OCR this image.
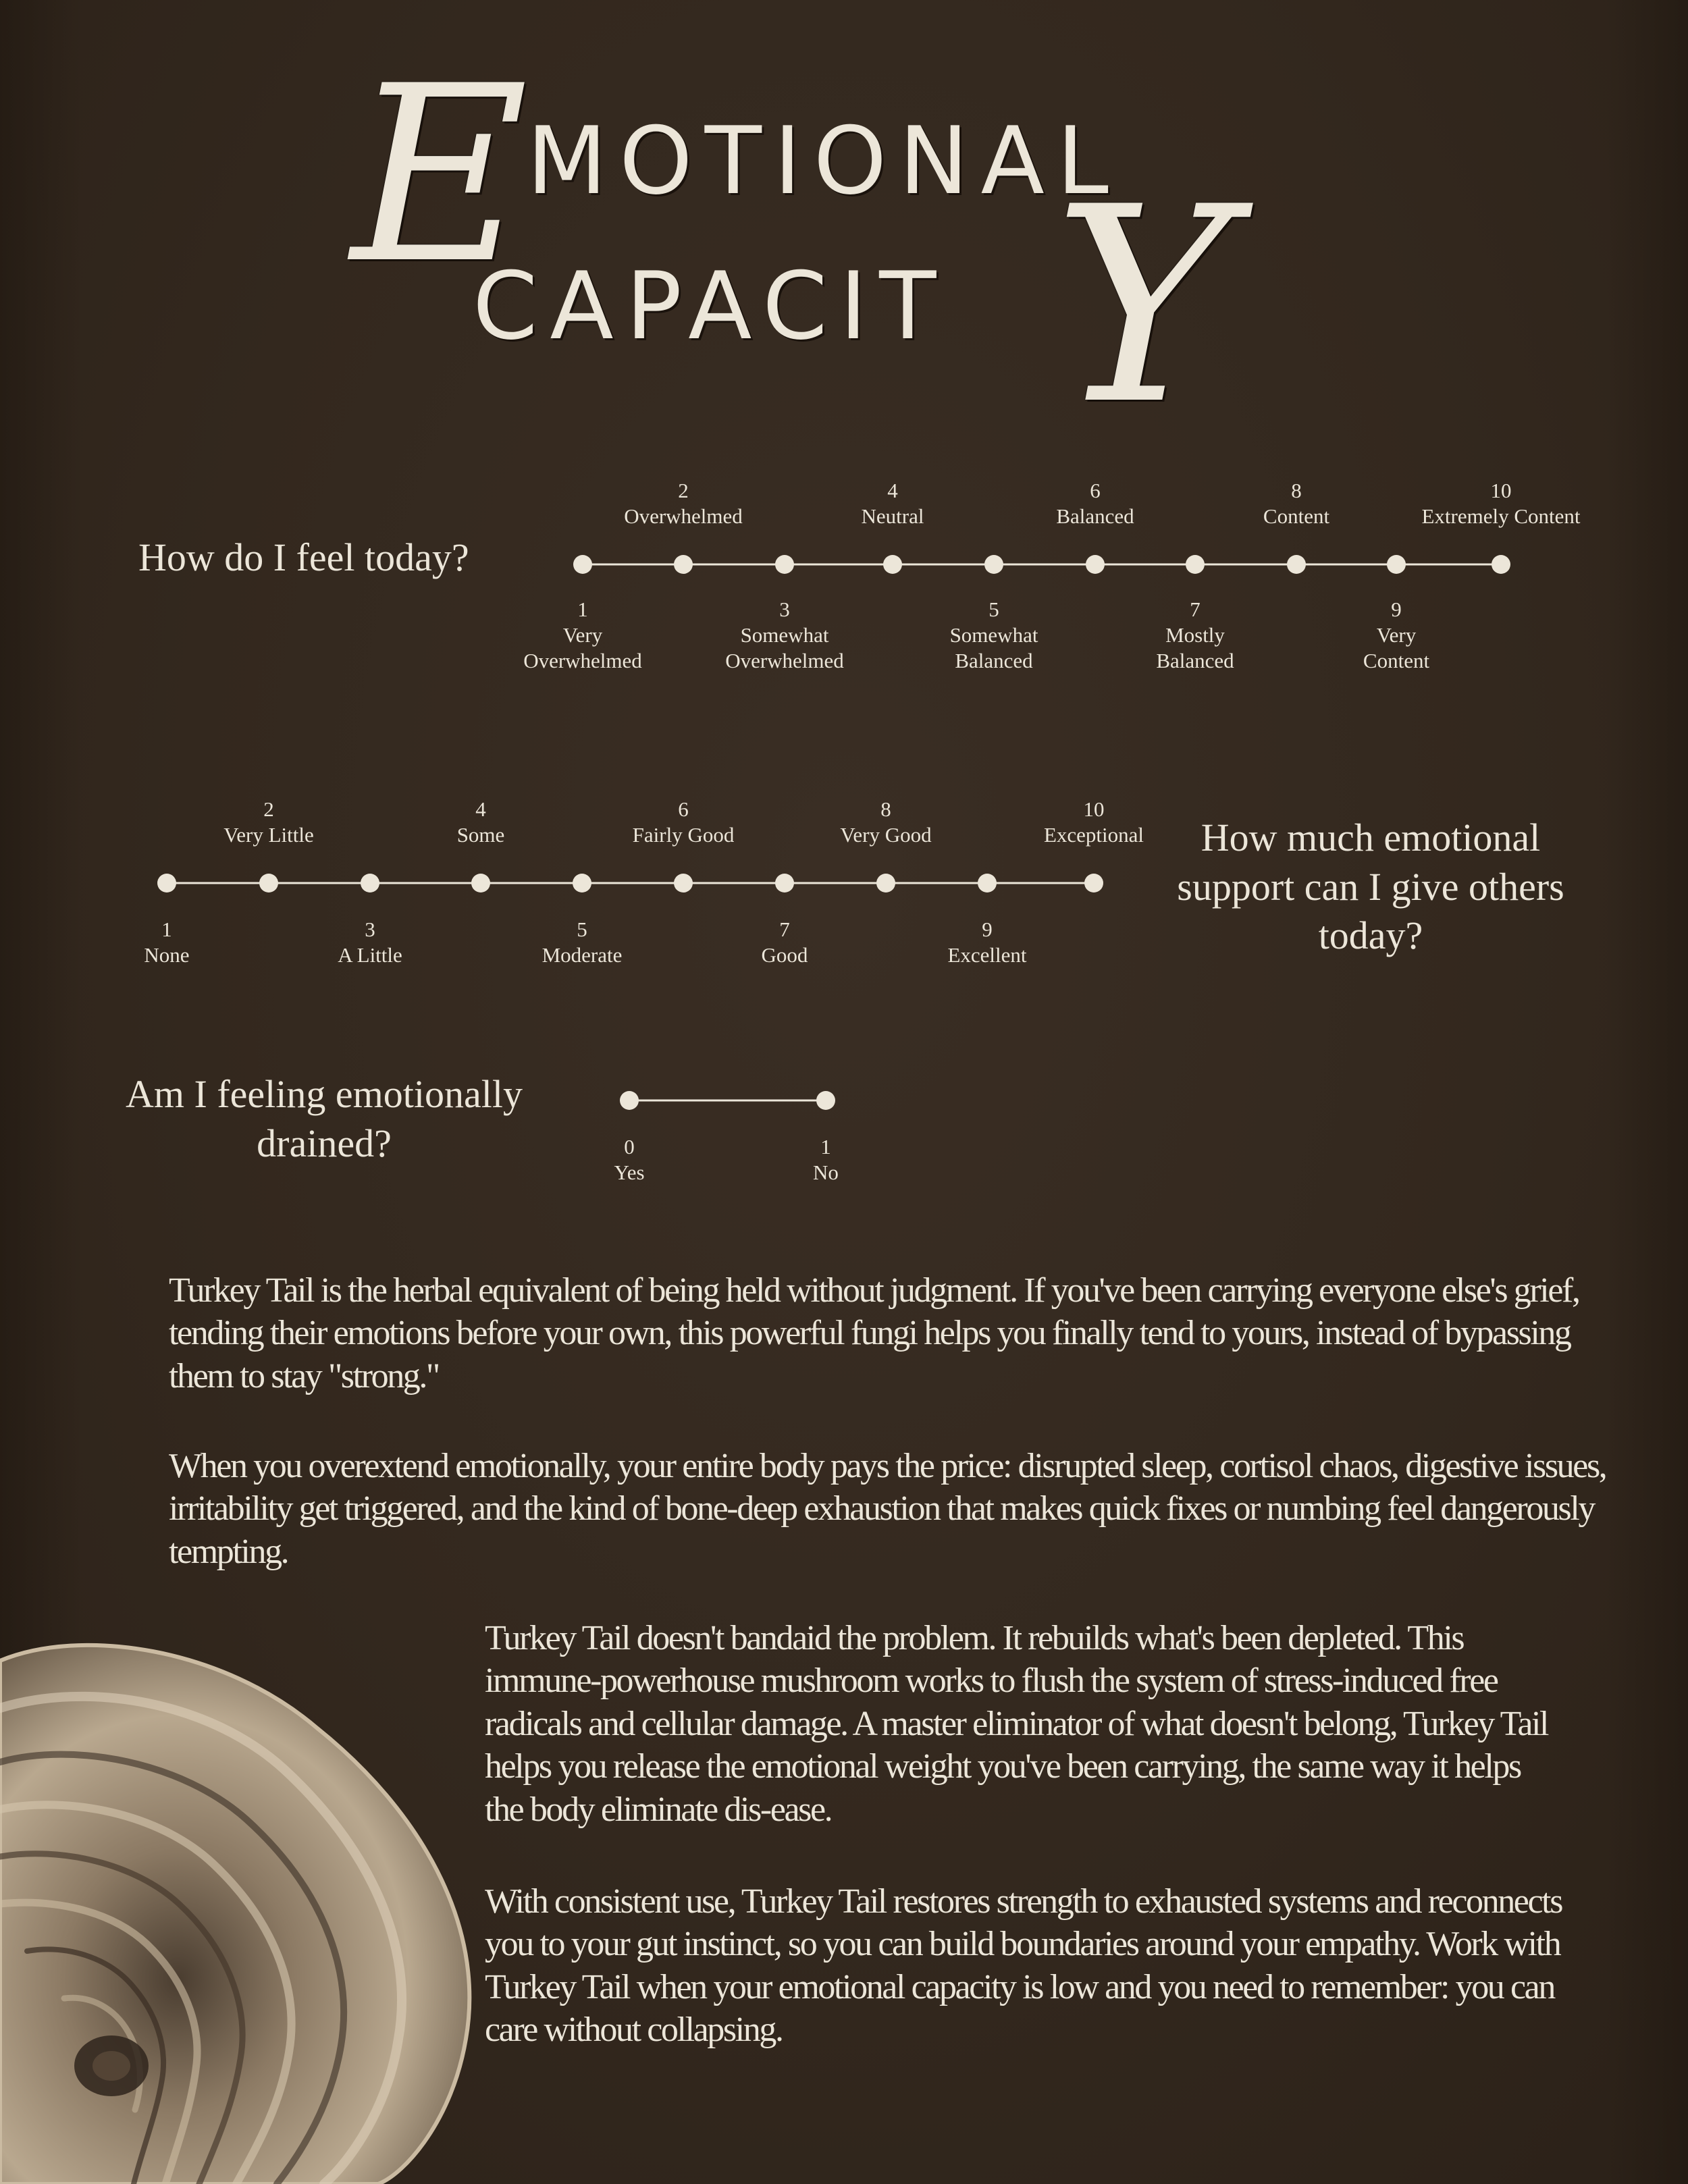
E
MOTIONAL
CAPACIT Y
How do I feel today?
How much emotional support can I give others today?
Am I feeling emotionally drained?
1
Very
Overwhelmed
2
Overwhelmed
3
Somewhat
Overwhelmed
4
Neutral
5
Somewhat
Balanced
6
Balanced
7
Mostly
Balanced
8
Content
9
Very
Content
10
Extremely Content
1
None
2
Very Little
3
A Little
4
Some
5
Moderate
6
Fairly Good
7
Good
8
Very Good
9
Excellent
10
Exceptional
0
Yes
1
No

Turkey Tail is the herbal equivalent of being held without judgment. If you've been carrying everyone else's grief, tending their emotions before your own, this powerful fungi helps you finally tend to yours, instead of bypassing them to stay "strong."

When you overextend emotionally, your entire body pays the price: disrupted sleep, cortisol chaos, digestive issues, irritability get triggered, and the kind of bone-deep exhaustion that makes quick fixes or numbing feel dangerously tempting.

Turkey Tail doesn't bandaid the problem. It rebuilds what's been depleted. This immune-powerhouse mushroom works to flush the system of stress-induced free radicals and cellular damage. A master eliminator of what doesn't belong, Turkey Tail helps you release the emotional weight you've been carrying, the same way it helps the body eliminate dis-ease.

With consistent use, Turkey Tail restores strength to exhausted systems and reconnects you to your gut instinct, so you can build boundaries around your empathy. Work with Turkey Tail when your emotional capacity is low and you need to remember: you can care without collapsing.
